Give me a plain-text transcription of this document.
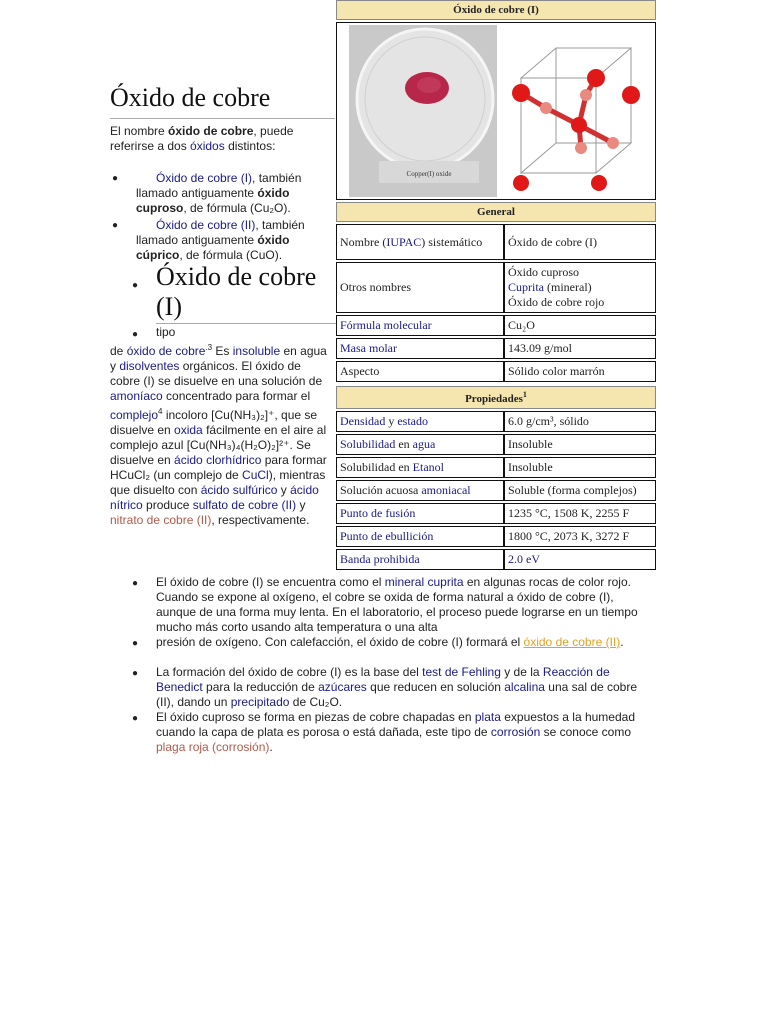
Óxido de cobre
El nombre óxido de cobre, puede referirse a dos óxidos distintos:
●	Óxido de cobre (I), también llamado antiguamente óxido cuproso, de fórmula (Cu₂O).
●	Óxido de cobre (II), también llamado antiguamente óxido cúprico, de fórmula (CuO).
● Óxido de cobre (I)
● tipo
de óxido de cobre$^{.3}$ Es insoluble en agua y disolventes orgánicos. El óxido de cobre (I) se disuelve en una solución de amoníaco concentrado para formar el complejo$^4$ incoloro [Cu(NH₃)₂]⁺, que se disuelve en oxida fácilmente en el aire al complejo azul [Cu(NH₃)₄(H₂O)₂]²⁺. Se disuelve en ácido clorhídrico para formar HCuCl₂ (un complejo de CuCl), mientras que disuelto con ácido sulfúrico y ácido nítrico produce sulfato de cobre (II) y nitrato de cobre (II), respectivamente.
● El óxido de cobre (I) se encuentra como el mineral cuprita en algunas rocas de color rojo. Cuando se expone al oxígeno, el cobre se oxida de forma natural a óxido de cobre (I), aunque de una forma muy lenta. En el laboratorio, el proceso puede lograrse en un tiempo mucho más corto usando alta temperatura o una alta
● presión de oxígeno. Con calefacción, el óxido de cobre (I) formará el óxido de cobre (II).
● La formación del óxido de cobre (I) es la base del test de Fehling y de la Reacción de Benedict para la reducción de azúcares que reducen en solución alcalina una sal de cobre (II), dando un precipitado de Cu₂O.
● El óxido cuproso se forma en piezas de cobre chapadas en plata expuestos a la humedad cuando la capa de plata es porosa o está dañada, este tipo de corrosión se conoce como plaga roja (corrosión).
Óxido de cobre (I)
Copper(I) oxide
General
Nombre (IUPAC) sistemático	Óxido de cobre (I)
Otros nombres	Óxido cuproso
Cuprita (mineral)
Óxido de cobre rojo

Fórmula molecular	Cu₂O
Masa molar	143.09 g/mol
Aspecto	Sólido color marrón
Propiedades$^1$
Densidad y estado	6.0 g/cm³, sólido
Solubilidad en agua	Insoluble
Solubilidad en Etanol	Insoluble
Solución acuosa amoniacal	Soluble (forma complejos)
Punto de fusión	1235 °C, 1508 K, 2255 F
Punto de ebullición	1800 °C, 2073 K, 3272 F
Banda prohibida	2.0 eV
